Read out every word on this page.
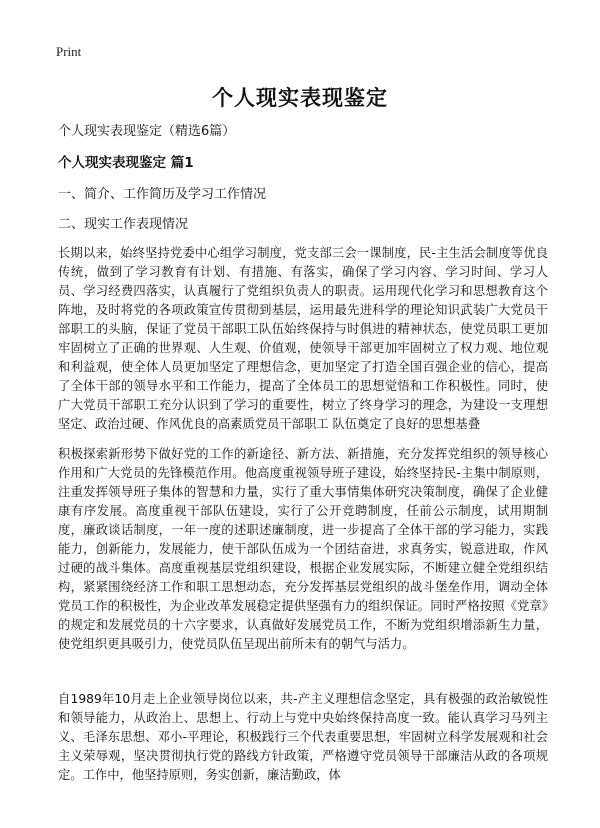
Print
个人现实表现鉴定
个人现实表现鉴定（精选6篇）
个人现实表现鉴定 篇1
一、简介、工作简历及学习工作情况
二、现实工作表现情况

长期以来，始终坚持党委中心组学习制度，党支部三会一课制度，民-主生活会制度等优良传统，做到了学习教育有计划、有措施、有落实，确保了学习内容、学习时间、学习人员、学习经费四落实，认真履行了党组织负责人的职责。运用现代化学习和思想教育这个阵地，及时将党的各项政策宣传贯彻到基层，运用最先进科学的理论知识武装广大党员干部职工的头脑，保证了党员干部职工队伍始终保持与时俱进的精神状态，使党员职工更加牢固树立了正确的世界观、人生观、价值观，使领导干部更加牢固树立了权力观、地位观和利益观，使全体人员更加坚定了理想信念，更加坚定了打造全国百强企业的信心，提高了全体干部的领导水平和工作能力，提高了全体员工的思想觉悟和工作积极性。同时，使广大党员干部职工充分认识到了学习的重要性，树立了终身学习的理念，为建设一支理想坚定、政治过硬、作风优良的高素质党员干部职工 队伍奠定了良好的思想基叠

积极探索新形势下做好党的工作的新途径、新方法、新措施，充分发挥党组织的领导核心作用和广大党员的先锋模范作用。他高度重视领导班子建设，始终坚持民-主集中制原则，注重发挥领导班子集体的智慧和力量，实行了重大事情集体研究决策制度，确保了企业健康有序发展。高度重视干部队伍建设，实行了公开竞聘制度，任前公示制度，试用期制度，廉政谈话制度，一年一度的述职述廉制度，进一步提高了全体干部的学习能力，实践能力，创新能力，发展能力，使干部队伍成为一个团结奋进，求真务实，锐意进取，作风过硬的战斗集体。高度重视基层党组织建设，根据企业发展实际，不断建立健全党组织结构，紧紧围绕经济工作和职工思想动态，充分发挥基层党组织的战斗堡垒作用，调动全体党员工作的积极性，为企业改革发展稳定提供坚强有力的组织保证。同时严格按照《党章》的规定和发展党员的十六字要求，认真做好发展党员工作，不断为党组织增添新生力量，使党组织更具吸引力，使党员队伍呈现出前所未有的朝气与活力。

自1989年10月走上企业领导岗位以来，共-产主义理想信念坚定，具有极强的政治敏锐性和领导能力，从政治上、思想上、行动上与党中央始终保持高度一致。能认真学习马列主义、毛泽东思想、邓小-平理论，积极践行三个代表重要思想，牢固树立科学发展观和社会主义荣辱观，坚决贯彻执行党的路线方针政策，严格遵守党员领导干部廉洁从政的各项规定。工作中，他坚持原则，务实创新，廉洁勤政，体
